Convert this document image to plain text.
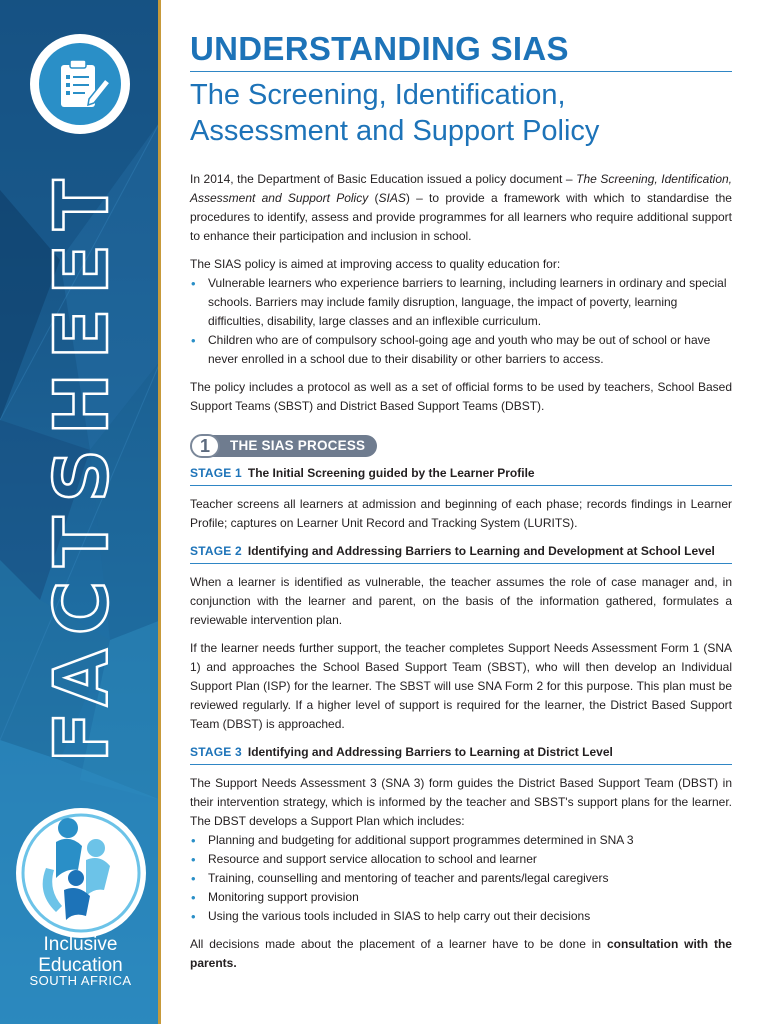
FACTSHEET
Inclusive
Education
SOUTH AFRICA
UNDERSTANDING SIAS
The Screening, Identification,
Assessment and Support Policy

In 2014, the Department of Basic Education issued a policy document – The Screening, Identification, Assessment and Support Policy (SIAS) – to provide a framework with which to standardise the procedures to identify, assess and provide programmes for all learners who require additional support to enhance their participation and inclusion in school.

The SIAS policy is aimed at improving access to quality education for:

• Vulnerable learners who experience barriers to learning, including learners in ordinary and special schools. Barriers may include family disruption, language, the impact of poverty, learning difficulties, disability, large classes and an inflexible curriculum.
• Children who are of compulsory school-going age and youth who may be out of school or have never enrolled in a school due to their disability or other barriers to access.

The policy includes a protocol as well as a set of official forms to be used by teachers, School Based Support Teams (SBST) and District Based Support Teams (DBST).

1	THE SIAS PROCESS
STAGE 1 The Initial Screening guided by the Learner Profile

Teacher screens all learners at admission and beginning of each phase; records findings in Learner Profile; captures on Learner Unit Record and Tracking System (LURITS).

STAGE 2 Identifying and Addressing Barriers to Learning and Development at School Level

When a learner is identified as vulnerable, the teacher assumes the role of case manager and, in conjunction with the learner and parent, on the basis of the information gathered, formulates a reviewable intervention plan.

If the learner needs further support, the teacher completes Support Needs Assessment Form 1 (SNA 1) and approaches the School Based Support Team (SBST), who will then develop an Individual Support Plan (ISP) for the learner. The SBST will use SNA Form 2 for this purpose. This plan must be reviewed regularly. If a higher level of support is required for the learner, the District Based Support Team (DBST) is approached.

STAGE 3 Identifying and Addressing Barriers to Learning at District Level

The Support Needs Assessment 3 (SNA 3) form guides the District Based Support Team (DBST) in their intervention strategy, which is informed by the teacher and SBST's support plans for the learner. The DBST develops a Support Plan which includes:

• Planning and budgeting for additional support programmes determined in SNA 3
• Resource and support service allocation to school and learner
• Training, counselling and mentoring of teacher and parents/legal caregivers
• Monitoring support provision
• Using the various tools included in SIAS to help carry out their decisions

All decisions made about the placement of a learner have to be done in consultation with the parents.
